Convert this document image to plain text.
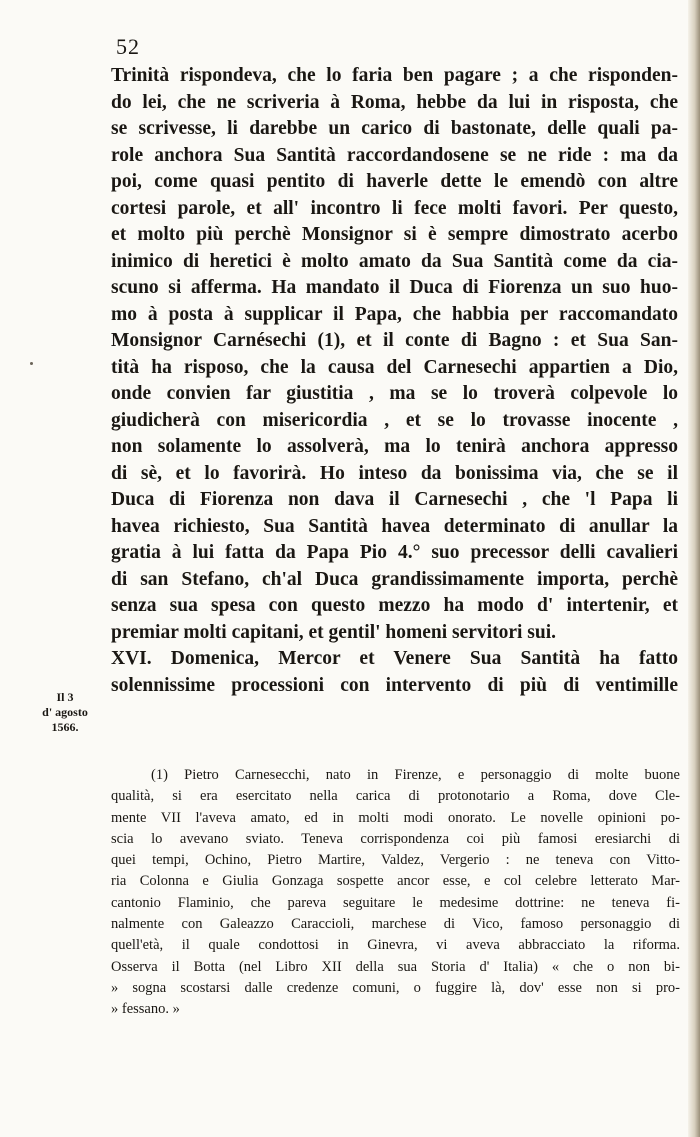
52
Trinità rispondeva, che lo faria ben pagare ; a che risponden-
do lei, che ne scriveria à Roma, hebbe da lui in risposta, che
se scrivesse, li darebbe un carico di bastonate, delle quali pa-
role anchora Sua Santità raccordandosene se ne ride : ma da
poi, come quasi pentito di haverle dette le emendò con altre
cortesi parole, et all' incontro li fece molti favori. Per questo,
et molto più perchè Monsignor si è sempre dimostrato acerbo
inimico di heretici è molto amato da Sua Santità come da cia-
scuno si afferma. Ha mandato il Duca di Fiorenza un suo huo-
mo à posta à supplicar il Papa, che habbia per raccomandato
Monsignor Carnésechi (1), et il conte di Bagno : et Sua San-
tità ha risposo, che la causa del Carnesechi appartien a Dio,
onde convien far giustitia , ma se lo troverà colpevole lo
giudicherà con misericordia , et se lo trovasse inocente ,
non solamente lo assolverà, ma lo tenirà anchora appresso
di sè, et lo favorirà. Ho inteso da bonissima via, che se il
Duca di Fiorenza non dava il Carnesechi , che 'l Papa li
havea richiesto, Sua Santità havea determinato di anullar la
gratia à lui fatta da Papa Pio 4.° suo precessor delli cavalieri
di san Stefano, ch'al Duca grandissimamente importa, perchè
senza sua spesa con questo mezzo ha modo d' intertenir, et
premiar molti capitani, et gentil' homeni servitori sui.
XVI. Domenica, Mercor et Venere Sua Santità ha fatto
solennissime processioni con intervento di più di ventimille
Il 3
d' agosto
1566.
(1) Pietro Carnesecchi, nato in Firenze, e personaggio di molte buone
qualità, si era esercitato nella carica di protonotario a Roma, dove Cle-
mente VII l'aveva amato, ed in molti modi onorato. Le novelle opinioni po-
scia lo avevano sviato. Teneva corrispondenza coi più famosi eresiarchi di
quei tempi, Ochino, Pietro Martire, Valdez, Vergerio : ne teneva con Vitto-
ria Colonna e Giulia Gonzaga sospette ancor esse, e col celebre letterato Mar-
cantonio Flaminio, che pareva seguitare le medesime dottrine: ne teneva fi-
nalmente con Galeazzo Caraccioli, marchese di Vico, famoso personaggio di
quell'età, il quale condottosi in Ginevra, vi aveva abbracciato la riforma.
Osserva il Botta (nel Libro XII della sua Storia d' Italia) « che o non bi-
» sogna scostarsi dalle credenze comuni, o fuggire là, dov' esse non si pro-
» fessano. »
